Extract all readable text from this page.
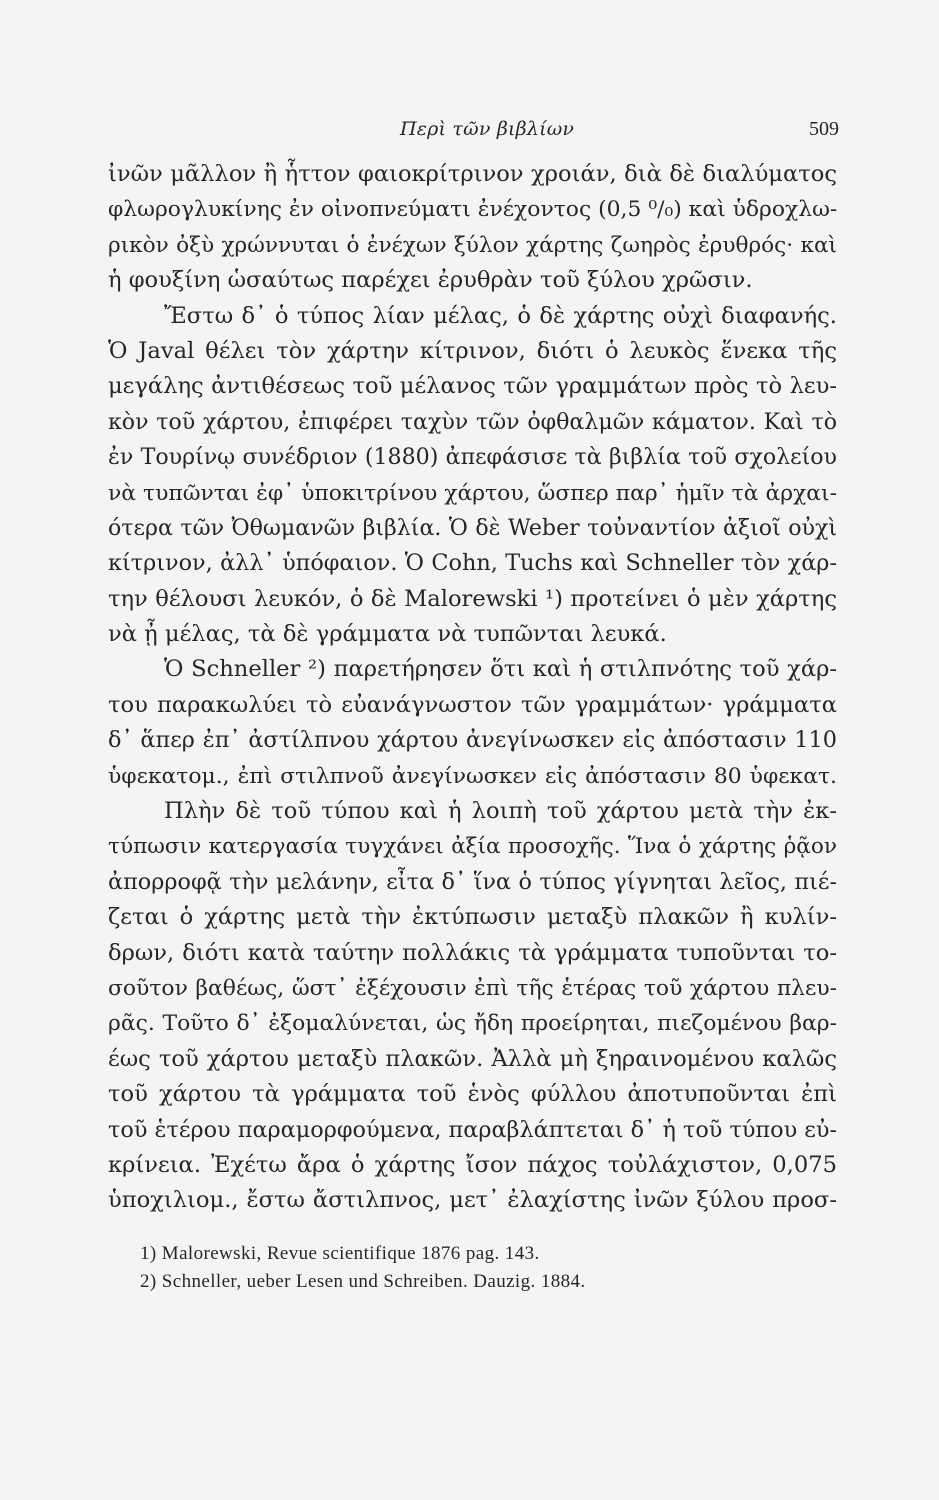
Περὶ τῶν βιβλίων	509
ἰνῶν μᾶλλον ἢ ἧττον φαιοκρίτρινον χροιάν, διὰ δὲ διαλύματος
φλωρογλυκίνης ἐν οἰνοπνεύματι ἐνέχοντος (0,5 ⁰/₀) καὶ ὑδροχλω-
ρικὸν ὀξὺ χρώννυται ὁ ἐνέχων ξύλον χάρτης ζωηρὸς ἐρυθρός· καὶ
ἡ φουξίνη ὡσαύτως παρέχει ἐρυθρὰν τοῦ ξύλου χρῶσιν.
Ἔστω δ᾽ ὁ τύπος λίαν μέλας, ὁ δὲ χάρτης οὐχὶ διαφανής.
Ὁ Javal θέλει τὸν χάρτην κίτρινον, διότι ὁ λευκὸς ἕνεκα τῆς
μεγάλης ἀντιθέσεως τοῦ μέλανος τῶν γραμμάτων πρὸς τὸ λευ-
κὸν τοῦ χάρτου, ἐπιφέρει ταχὺν τῶν ὀφθαλμῶν κάματον. Καὶ τὸ
ἐν Τουρίνῳ συνέδριον (1880) ἀπεφάσισε τὰ βιβλία τοῦ σχολείου
νὰ τυπῶνται ἐφ᾽ ὑποκιτρίνου χάρτου, ὥσπερ παρ᾽ ἡμῖν τὰ ἀρχαι-
ότερα τῶν Ὀθωμανῶν βιβλία. Ὁ δὲ Weber τοὐναντίον ἀξιοῖ οὐχὶ
κίτρινον, ἀλλ᾽ ὑπόφαιον. Ὁ Cohn, Tuchs καὶ Schneller τὸν χάρ-
την θέλουσι λευκόν, ὁ δὲ Malorewski ¹) προτείνει ὁ μὲν χάρτης
νὰ ᾖ μέλας, τὰ δὲ γράμματα νὰ τυπῶνται λευκά.
Ὁ Schneller ²) παρετήρησεν ὅτι καὶ ἡ στιλπνότης τοῦ χάρ-
του παρακωλύει τὸ εὐανάγνωστον τῶν γραμμάτων· γράμματα
δ᾽ ἅπερ ἐπ᾽ ἀστίλπνου χάρτου ἀνεγίνωσκεν εἰς ἀπόστασιν 110
ὑφεκατομ., ἐπὶ στιλπνοῦ ἀνεγίνωσκεν εἰς ἀπόστασιν 80 ὑφεκατ.
Πλὴν δὲ τοῦ τύπου καὶ ἡ λοιπὴ τοῦ χάρτου μετὰ τὴν ἐκ-
τύπωσιν κατεργασία τυγχάνει ἀξία προσοχῆς. Ἵνα ὁ χάρτης ῥᾷον
ἀπορροφᾷ τὴν μελάνην, εἶτα δ᾽ ἵνα ὁ τύπος γίγνηται λεῖος, πιέ-
ζεται ὁ χάρτης μετὰ τὴν ἐκτύπωσιν μεταξὺ πλακῶν ἢ κυλίν-
δρων, διότι κατὰ ταύτην πολλάκις τὰ γράμματα τυποῦνται το-
σοῦτον βαθέως, ὥστ᾽ ἐξέχουσιν ἐπὶ τῆς ἑτέρας τοῦ χάρτου πλευ-
ρᾶς. Τοῦτο δ᾽ ἐξομαλύνεται, ὡς ἤδη προείρηται, πιεζομένου βαρ-
έως τοῦ χάρτου μεταξὺ πλακῶν. Ἀλλὰ μὴ ξηραινομένου καλῶς
τοῦ χάρτου τὰ γράμματα τοῦ ἑνὸς φύλλου ἀποτυποῦνται ἐπὶ
τοῦ ἑτέρου παραμορφούμενα, παραβλάπτεται δ᾽ ἡ τοῦ τύπου εὐ-
κρίνεια. Ἐχέτω ἄρα ὁ χάρτης ἴσον πάχος τοὐλάχιστον, 0,075
ὑποχιλιομ., ἔστω ἄστιλπνος, μετ᾽ ἐλαχίστης ἰνῶν ξύλου προσ-
1) Malorewski, Revue scientifique 1876 pag. 143.
2) Schneller, ueber Lesen und Schreiben. Dauzig. 1884.
